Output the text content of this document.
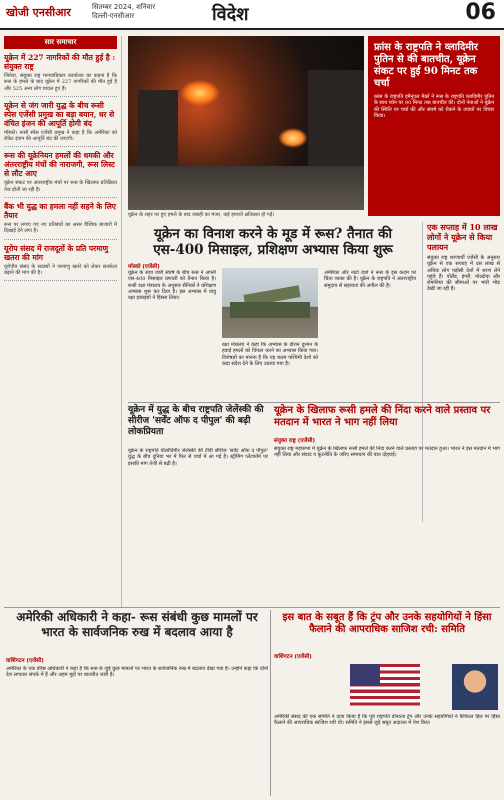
खोजी एनसीआर	सितम्बर 2024, शनिवार
दिल्ली-एनसीआर	विदेश	06
सार समाचार
यूक्रेन में 227 नागरिकों की मौत हुई है : संयुक्त राष्ट्र

जिनेवा, संयुक्त राष्ट्र मानवाधिकार कार्यालय का कहना है कि रूस के हमले के बाद यूक्रेन में 227 नागरिकों की मौत हुई है और 525 अन्य लोग घायल हुए हैं।

यूक्रेन से जंग जारी युद्ध के बीच रूसी स्पेस एजेंसी प्रमुख का बड़ा बयान, धर से वंचित इंजन की आपूर्ति होगी बंद

मॉस्को। रूसी स्पेस एजेंसी प्रमुख ने कहा है कि अमेरिका को रॉकेट इंजन की आपूर्ति बंद की जाएगी।

रूस की यूक्रेनियन हमलों की धमकी और अंतरराष्ट्रीय मंचों की नाराजगी, रूस लिस्ट से लौट आए

यूक्रेन संकट पर अंतरराष्ट्रीय मंचों पर रूस के खिलाफ प्रतिक्रिया तेज होती जा रही है।

बैंक भी युद्ध का हमला नहीं सहने के लिए तैयार

रूस पर लगाए गए नए प्रतिबंधों का असर वैश्विक बाजारों में दिखाई देने लगा है।

यूरोप संसद में राजदूतों के प्रति परमाणु खतरा की मांग

यूरोपीय संसद के सदस्यों ने परमाणु खतरे को लेकर सतर्कता बढ़ाने की मांग की है।

यूक्रेन के शहर पर हुए हमले के बाद तबाही का मंजर, कई इमारतें क्षतिग्रस्त हो गईं।
फ्रांस के राष्ट्रपति ने व्लादिमीर पुतिन से की बातचीत, यूक्रेन संकट पर हुई 90 मिनट तक चर्चा

फ्रांस के राष्ट्रपति इमैनुएल मैक्रों ने रूस के राष्ट्रपति व्लादिमीर पुतिन के साथ फोन पर 90 मिनट तक बातचीत की। दोनों नेताओं ने यूक्रेन की स्थिति पर चर्चा की और संघर्ष को रोकने के उपायों पर विचार किया।

यूक्रेन का विनाश करने के मूड में रूस? तैनात की एस-400 मिसाइल, प्रशिक्षण अभ्यास किया शुरू
मॉस्को (एजेंसी)
यूक्रेन के साथ जारी संघर्ष के बीच रूस ने अपनी एस-400 मिसाइल प्रणाली को तैनात किया है। रूसी रक्षा मंत्रालय के अनुसार सैनिकों ने प्रशिक्षण अभ्यास शुरू कर दिया है। इस अभ्यास में वायु रक्षा इकाइयों ने हिस्सा लिया।
रक्षा मंत्रालय ने कहा कि अभ्यास के दौरान दुश्मन के हवाई हमलों को विफल करने का अभ्यास किया गया। विशेषज्ञों का मानना है कि यह कदम पश्चिमी देशों को कड़ा संदेश देने के लिए उठाया गया है।
अमेरिका और नाटो देशों ने रूस के इस कदम पर चिंता व्यक्त की है। यूक्रेन के राष्ट्रपति ने अंतरराष्ट्रीय समुदाय से सहायता की अपील की है।
एक सप्ताह में 10 लाख लोगों ने यूक्रेन से किया पलायन

संयुक्त राष्ट्र शरणार्थी एजेंसी के अनुसार यूक्रेन से एक सप्ताह में दस लाख से अधिक लोग पड़ोसी देशों में शरण लेने पहुंचे हैं। पोलैंड, हंगरी, मोल्दोवा और रोमानिया की सीमाओं पर भारी भीड़ देखी जा रही है।

यूक्रेन में युद्ध के बीच राष्ट्रपति जेलेंस्की की सीरीज 'सर्वेंट ऑफ द पीपुल' की बढ़ी लोकप्रियता
यूक्रेन के राष्ट्रपति वोलोदिमीर जेलेंस्की की टीवी सीरीज 'सर्वेंट ऑफ द पीपुल' युद्ध के बीच दुनिया भर में फिर से चर्चा में आ गई है। स्ट्रीमिंग प्लेटफॉर्म पर इसकी मांग तेजी से बढ़ी है।
यूक्रेन के खिलाफ रूसी हमले की निंदा करने वाले प्रस्ताव पर मतदान में भारत ने भाग नहीं लिया
संयुक्त राष्ट्र (एजेंसी)
संयुक्त राष्ट्र महासभा में यूक्रेन के खिलाफ रूसी हमले की निंदा करने वाले प्रस्ताव पर मतदान हुआ। भारत ने इस मतदान में भाग नहीं लिया और संवाद व कूटनीति के जरिए समाधान की बात दोहराई।
अमेरिकी अधिकारी ने कहा- रूस संबंधी कुछ मामलों पर भारत के सार्वजनिक रुख में बदलाव आया है
वाशिंगटन (एजेंसी)
अमेरिका के एक वरिष्ठ अधिकारी ने कहा है कि रूस से जुड़े कुछ मामलों पर भारत के सार्वजनिक रुख में बदलाव देखा गया है। उन्होंने कहा कि दोनों देश लगातार संपर्क में हैं और अहम मुद्दों पर बातचीत जारी है।
इस बात के सबूत हैं कि ट्रंप और उनके सहयोगियों ने हिंसा फैलाने की आपराधिक साजिश रची: समिति
वाशिंगटन (एजेंसी)
अमेरिकी संसद की एक समिति ने दावा किया है कि पूर्व राष्ट्रपति डोनाल्ड ट्रंप और उनके सहयोगियों ने कैपिटल हिल पर हिंसा फैलाने की आपराधिक साजिश रची थी। समिति ने इससे जुड़े सबूत अदालत में पेश किए।
